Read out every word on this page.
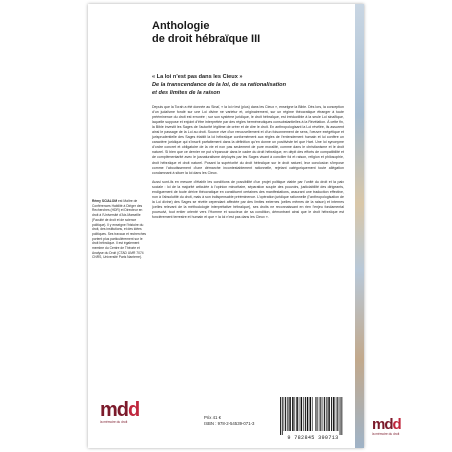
Anthologie
de droit hébraïque III
« La loi n’est pas dans les Cieux »
De la transcendance de la loi, de sa rationalisation
et des limites de la raison

Depuis que la Torah a été donnée au Sinaï, « la loi n’est (plus) dans les Cieux », enseigne la Bible. Dès lors, la conception d’un judaïsme fondé sur une Loi divine ne varietur et, originairement, sur un régime théocratique étranger à toute prééminence du droit est erronée ; sur son système juridique, le droit hébraïque, est irréductible à la seule Loi sinaïtique, laquelle suppose et enjoint d’être interprétée par des règles herméneutiques consubstantielles à la Révélation. À cette fin, la Bible investit les Sages de l’autorité légitime de créer et de dire le droit. En anthropologisant la Loi révélée, ils assurent ainsi le passage de la Loi au droit. Source vive d’un renouvellement et d’un foisonnement de sens, l’œuvre exégétique et jurisprudentielle des Sages établit la loi hébraïque conformément aux règles de l’entendement humain et lui confère un caractère juridique qui s’inscrit parfaitement dans la définition qu’en donne un positiviste tel que Hart. Une loi synonyme d’ordre concret et obligatoire de la vie et non pas seulement de pure moralité, comme dans le christianisme et le droit naturel. Si bien que ce dernier ne put s’épanouir dans le cadre du droit hébraïque, en dépit des efforts de compatibilité et de complémentarité avec le jusnaturalisme déployés par les Sages visant à concilier foi et raison, religion et philosophie, droit hébraïque et droit naturel. Posant la supériorité du droit hébraïque sur le droit naturel, leur conclusion s’impose comme l’aboutissement d’une démarche incontestablement rationnelle, rejetant catégoriquement toute allégation condamnant à situer la loi dans les Cieux.

Aussi sont-ils en mesure d’établir les conditions de possibilité d’un projet politique viable par l’unité du droit et la paix sociale : loi de la majorité articulée à l’opinion minoritaire, séparation souple des pouvoirs, justiciabilité des dirigeants, endiguement de toute dérive théocratique en constituent certaines des manifestations, assurant une traduction effective, non à l’absolutité du droit, mais à son indispensable prééminence. L’opération juridique rationnelle (l’anthropologisation de la Loi divine) des Sages se révèle cependant affectée par des limites externes (celles mêmes de la raison) et internes (celles relevant de la méthodologie interprétative hébraïque), ses droits ne reconnaissant en rien l’enjeu fondamental poursuivi, tout entier orienté vers l’Homme et soucieux de sa condition, démontrant ainsi que le droit hébraïque est foncièrement terrestre et humain et que « la loi n’est pas dans les Cieux ».

Rémy SCIALOM est Maître de Conférences Habilité à Diriger des Recherches (HDR) et Directeur en droit à l’Université d’Aix-Marseille (Faculté de droit et de science politique). Il y enseigne l’histoire du droit, des institutions, et des idées politiques. Ses travaux et recherches portent plus particulièrement sur le droit hébraïque. Il est également membre du Centre de Théorie et Analyse du Droit (CTAD UMR 7074 CNRS, Université Paris Nanterre).
mdd
la mémoire du droit
Prix 41 €
ISBN : 978-2-54539-071-3
9 782845 390713
mdd
la mémoire du droit
